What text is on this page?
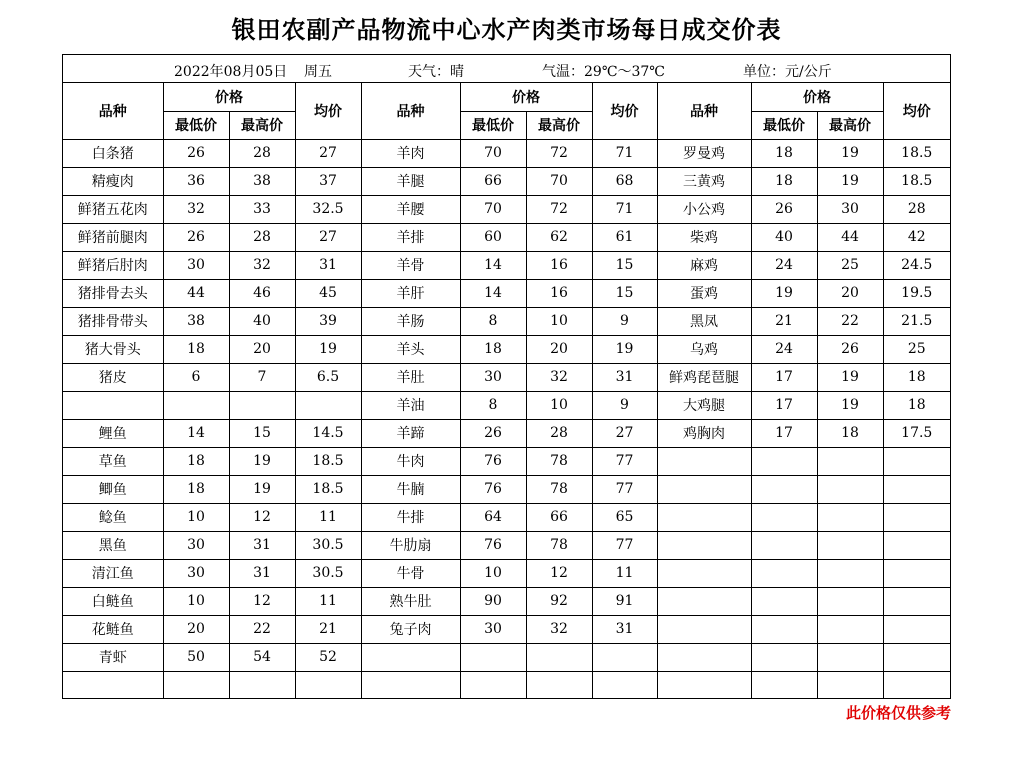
银田农副产品物流中心水产肉类市场每日成交价表
2022年08月05日 周五	天气：晴	气温：29℃～37℃	单位：元/公斤
品种	价格		均价	品种	价格		均价	品种	价格		均价
	最低价	最高价			最低价	最高价			最低价	最高价	
白条猪	26	28	27	羊肉	70	72	71	罗曼鸡	18	19	18.5
精瘦肉	36	38	37	羊腿	66	70	68	三黄鸡	18	19	18.5
鲜猪五花肉	32	33	32.5	羊腰	70	72	71	小公鸡	26	30	28
鲜猪前腿肉	26	28	27	羊排	60	62	61	柴鸡	40	44	42
鲜猪后肘肉	30	32	31	羊骨	14	16	15	麻鸡	24	25	24.5
猪排骨去头	44	46	45	羊肝	14	16	15	蛋鸡	19	20	19.5
猪排骨带头	38	40	39	羊肠	8	10	9	黑凤	21	22	21.5
猪大骨头	18	20	19	羊头	18	20	19	乌鸡	24	26	25
猪皮	6	7	6.5	羊肚	30	32	31	鲜鸡琵琶腿	17	19	18
				羊油	8	10	9	大鸡腿	17	19	18
鲤鱼	14	15	14.5	羊蹄	26	28	27	鸡胸肉	17	18	17.5
草鱼	18	19	18.5	牛肉	76	78	77				
鲫鱼	18	19	18.5	牛腩	76	78	77				
鲶鱼	10	12	11	牛排	64	66	65				
黑鱼	30	31	30.5	牛肋扇	76	78	77				
清江鱼	30	31	30.5	牛骨	10	12	11				
白鲢鱼	10	12	11	熟牛肚	90	92	91				
花鲢鱼	20	22	21	兔子肉	30	32	31				
青虾	50	54	52								

此价格仅供参考
